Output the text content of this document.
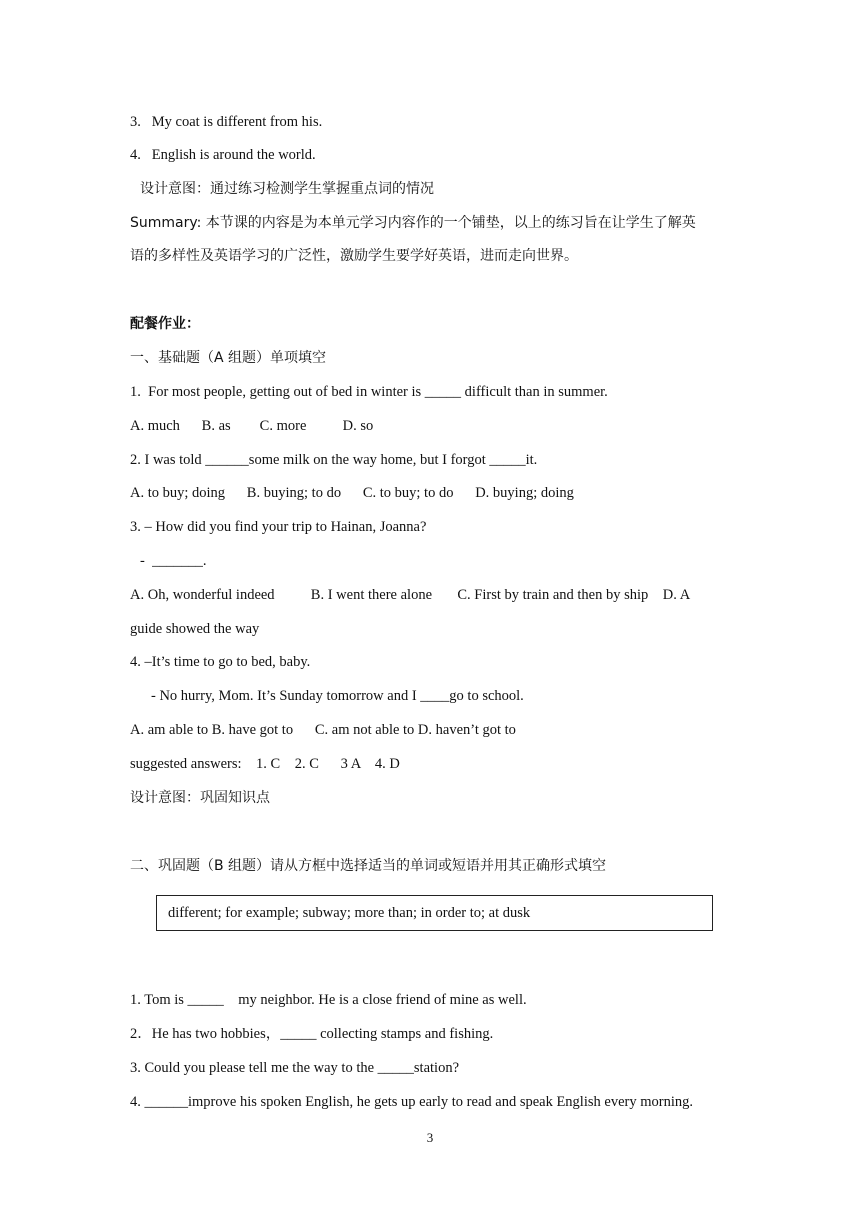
3.   My coat is different from his.
4.   English is around the world.
设计意图：通过练习检测学生掌握重点词的情况
Summary: 本节课的内容是为本单元学习内容作的一个铺垫，以上的练习旨在让学生了解英
语的多样性及英语学习的广泛性，激励学生要学好英语，进而走向世界。
配餐作业：
一、基础题（A 组题）单项填空
1.  For most people, getting out of bed in winter is _____ difficult than in summer.
A. much      B. as        C. more          D. so
2. I was told ______some milk on the way home, but I forgot _____it.
A. to buy; doing      B. buying; to do      C. to buy; to do      D. buying; doing
3. – How did you find your trip to Hainan, Joanna?
-  _______.
A. Oh, wonderful indeed          B. I went there alone       C. First by train and then by ship    D. A
guide showed the way
4. –It’s time to go to bed, baby.
- No hurry, Mom. It’s Sunday tomorrow and I ____go to school.
A. am able to B. have got to      C. am not able to D. haven’t got to
suggested answers:    1. C    2. C      3 A    4. D
设计意图：巩固知识点
二、巩固题（B 组题）请从方框中选择适当的单词或短语并用其正确形式填空
different; for example; subway; more than; in order to; at dusk
1. Tom is _____    my neighbor. He is a close friend of mine as well.
2．He has two hobbies，_____ collecting stamps and fishing.
3. Could you please tell me the way to the _____station?
4. ______improve his spoken English, he gets up early to read and speak English every morning.
3
